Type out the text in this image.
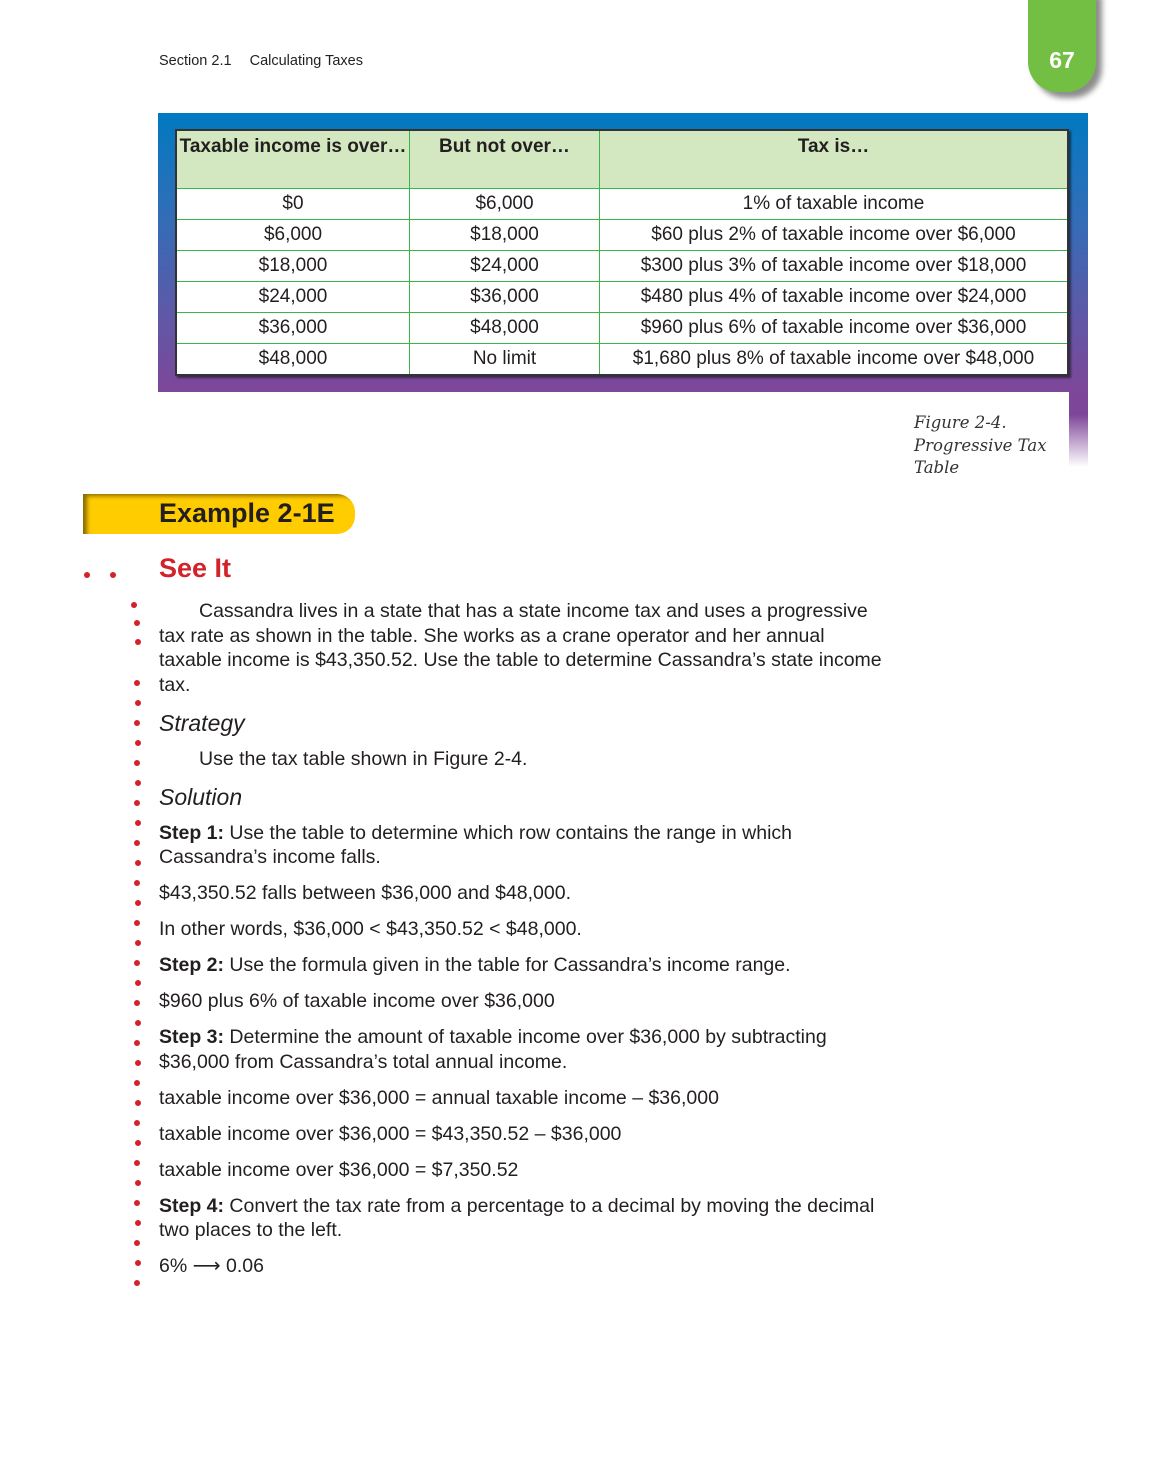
Section 2.1 Calculating Taxes	67
Taxable income is over…	But not over…	Tax is…
$0	$6,000	1% of taxable income
$6,000	$18,000	$60 plus 2% of taxable income over $6,000
$18,000	$24,000	$300 plus 3% of taxable income over $18,000
$24,000	$36,000	$480 plus 4% of taxable income over $24,000
$36,000	$48,000	$960 plus 6% of taxable income over $36,000
$48,000	No limit	$1,680 plus 8% of taxable income over $48,000
Figure 2-4.
Progressive Tax
Table
Example 2-1E
See It
Cassandra lives in a state that has a state income tax and uses a progressive tax rate as shown in the table. She works as a crane operator and her annual taxable income is $43,350.52. Use the table to determine Cassandra’s state income tax.
Strategy
Use the tax table shown in Figure 2-4.
Solution
Step 1: Use the table to determine which row contains the range in which Cassandra’s income falls.
$43,350.52 falls between $36,000 and $48,000.
In other words, $36,000 < $43,350.52 < $48,000.
Step 2: Use the formula given in the table for Cassandra’s income range.
$960 plus 6% of taxable income over $36,000
Step 3: Determine the amount of taxable income over $36,000 by subtracting $36,000 from Cassandra’s total annual income.
taxable income over $36,000 = annual taxable income – $36,000
taxable income over $36,000 = $43,350.52 – $36,000
taxable income over $36,000 = $7,350.52
Step 4: Convert the tax rate from a percentage to a decimal by moving the decimal two places to the left.
6% ⟶ 0.06
